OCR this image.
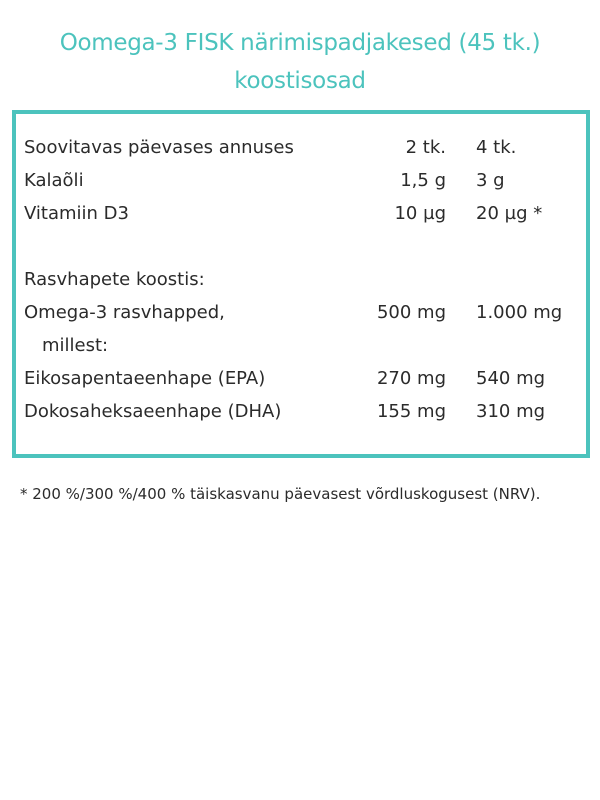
Oomega-3 FISK närimispadjakesed (45 tk.)
koostisosad
Soovitavas päevases annuses	2 tk. 4 tk.
Kalaõli	1,5 g 3 g
Vitamiin D3	10 µg 20 µg *
Rasvhapete koostis:
Omega-3 rasvhapped,	500 mg 1.000 mg
millest:
Eikosapentaeenhape (EPA)	270 mg 540 mg
Dokosaheksaeenhape (DHA)	155 mg 310 mg
* 200 %/300 %/400 % täiskasvanu päevasest võrdluskogusest (NRV).
